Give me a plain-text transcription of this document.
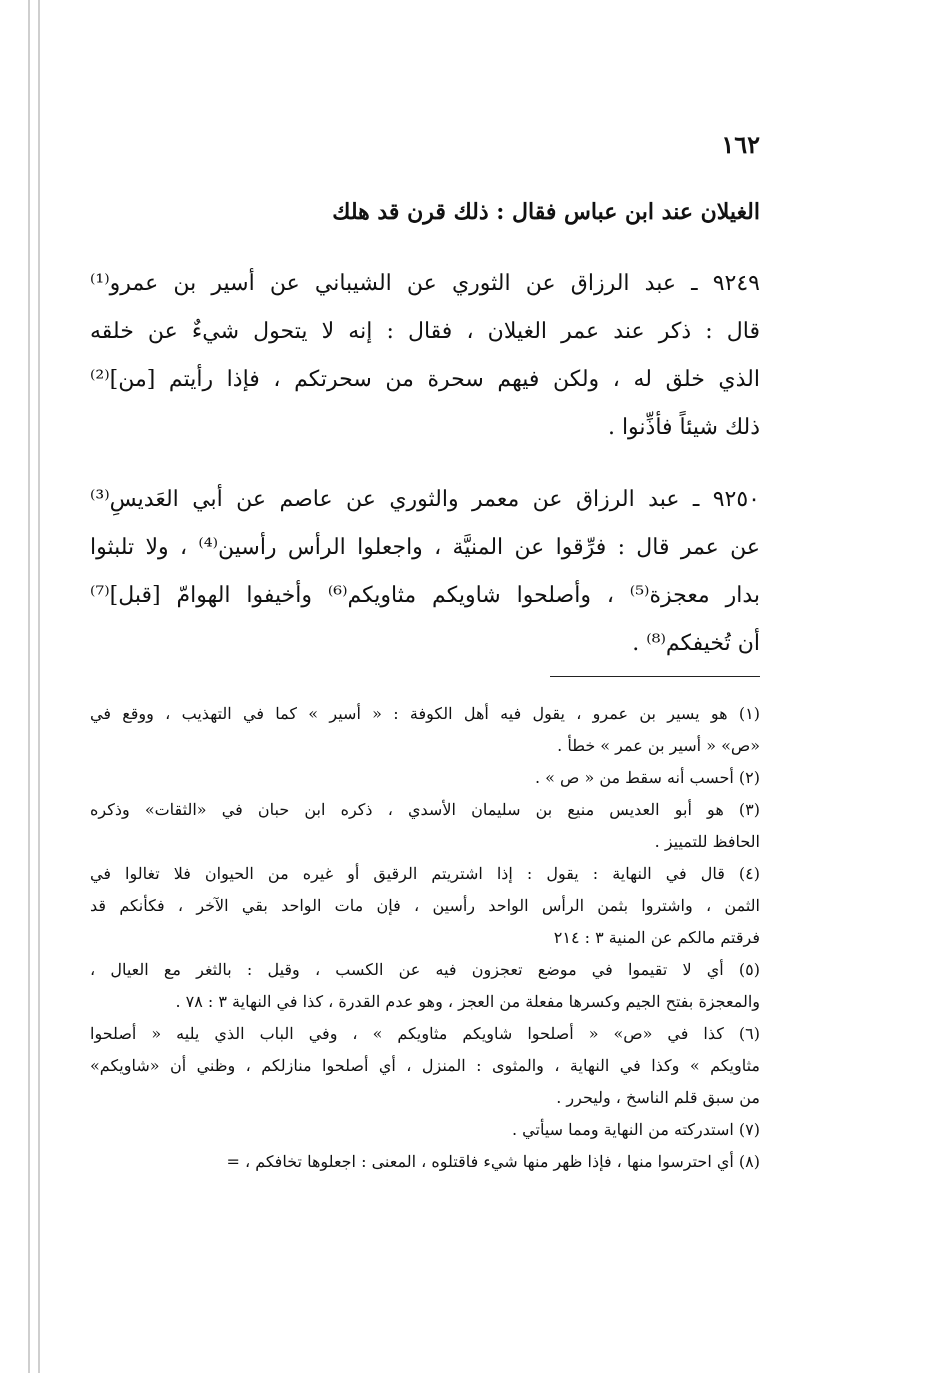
١٦٢
الغيلان عند ابن عباس فقال : ذلك قرن قد هلك
٩٢٤٩ ـ عبد الرزاق عن الثوري عن الشيباني عن أسير بن عمرو⁽¹⁾
قال : ذكر عند عمر الغيلان ، فقال : إنه لا يتحول شيءٌ عن خلقه
الذي خلق له ، ولكن فيهم سحرة من سحرتكم ، فإذا رأيتم [من]⁽²⁾
ذلك شيئاً فأذِّنوا .
٩٢٥٠ ـ عبد الرزاق عن معمر والثوري عن عاصم عن أبي العَديسِ⁽³⁾
عن عمر قال : فرِّقوا عن المنيَّة ، واجعلوا الرأس رأسين⁽⁴⁾ ، ولا تلبثوا
بدار معجزة⁽⁵⁾ ، وأصلحوا شاويكم مثاويكم⁽⁶⁾ وأخيفوا الهوامّ [قبل]⁽⁷⁾
أن تُخيفكم⁽⁸⁾ .
(١) هو يسير بن عمرو ، يقول فيه أهل الكوفة : « أسير » كما في التهذيب ، ووقع في
«ص» « أسير بن عمر » خطأ .
(٢) أحسب أنه سقط من « ص » .
(٣) هو أبو العديس منيع بن سليمان الأسدي ، ذكره ابن حبان في «الثقات» وذكره
الحافظ للتمييز .
(٤) قال في النهاية : يقول : إذا اشتريتم الرقيق أو غيره من الحيوان فلا تغالوا في
الثمن ، واشتروا بثمن الرأس الواحد رأسين ، فإن مات الواحد بقي الآخر ، فكأنكم قد
فرقتم مالكم عن المنية ٣ : ٢١٤
(٥) أي لا تقيموا في موضع تعجزون فيه عن الكسب ، وقيل : بالثغر مع العيال ،
والمعجزة بفتح الجيم وكسرها مفعلة من العجز ، وهو عدم القدرة ، كذا في النهاية ٣ : ٧٨ .
(٦) كذا في «ص» « أصلحوا شاويكم مثاويكم » ، وفي الباب الذي يليه « أصلحوا
مثاويكم » وكذا في النهاية ، والمثوى : المنزل ، أي أصلحوا منازلكم ، وظني أن «شاويكم»
من سبق قلم الناسخ ، وليحرر .
(٧) استدركته من النهاية ومما سيأتي .
(٨) أي احترسوا منها ، فإذا ظهر منها شيء فاقتلوه ، المعنى : اجعلوها تخافكم ، =
